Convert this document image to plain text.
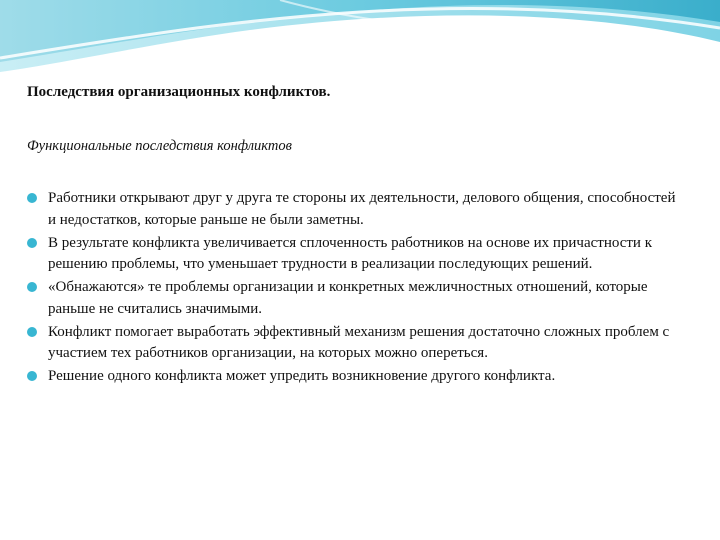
Последствия организационных конфликтов.
Функциональные последствия конфликтов
Работники открывают друг у друга те стороны их деятельности, делового общения, способностей и недостатков, которые раньше не были заметны.
В результате конфликта увеличивается сплоченность работников на основе их причастности к решению проблемы, что уменьшает трудности в реализации последующих решений.
«Обнажаются» те проблемы организации и конкретных межличностных отношений, которые раньше не считались значимыми.
Конфликт помогает выработать эффективный механизм решения достаточно сложных проблем с участием тех работников организации, на которых можно опереться.
Решение одного конфликта может упредить возникновение другого конфликта.
